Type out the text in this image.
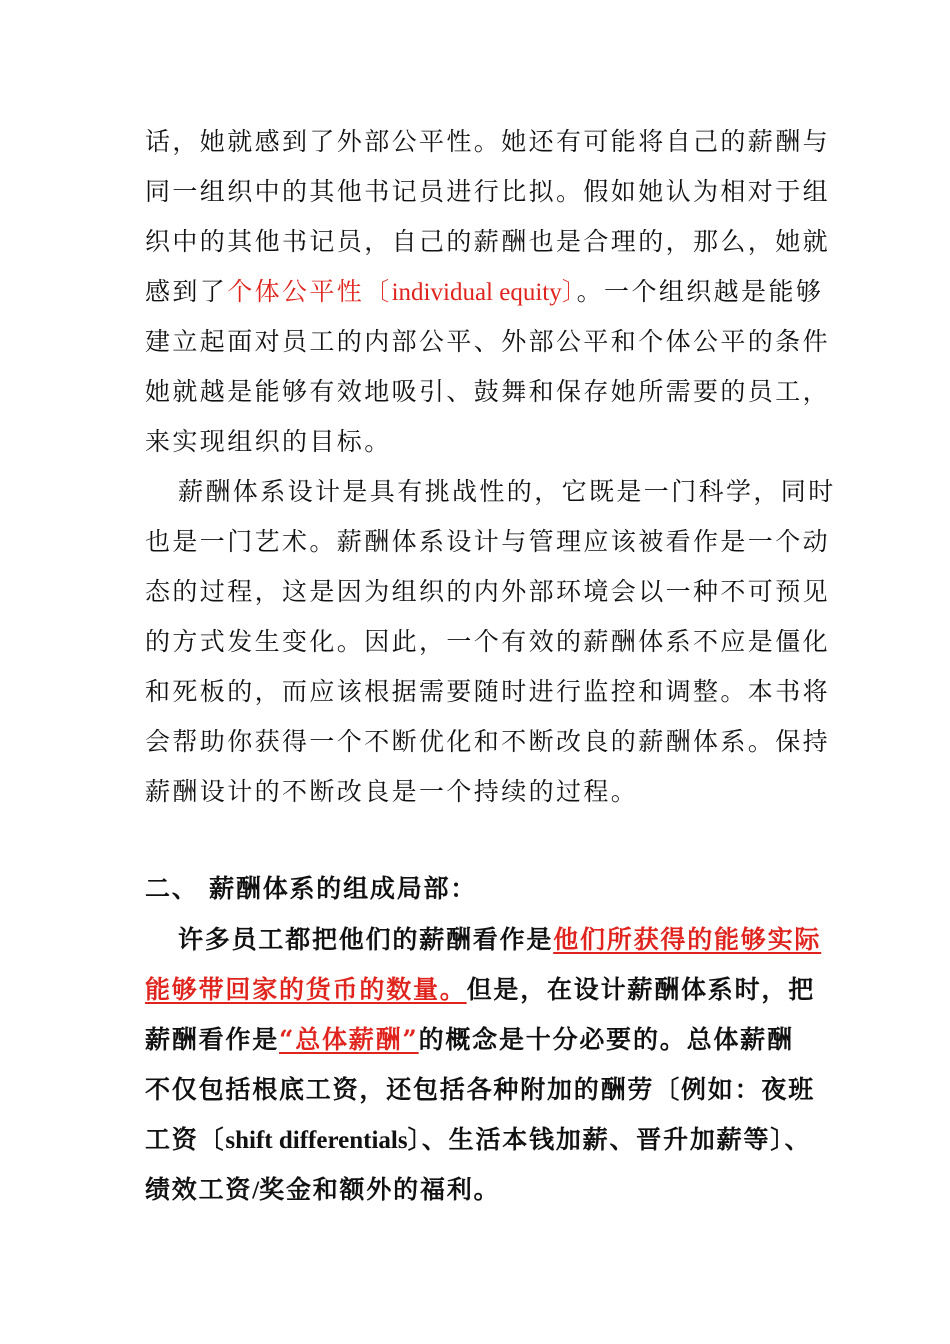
话，她就感到了外部公平性。她还有可能将自己的薪酬与
同一组织中的其他书记员进行比拟。假如她认为相对于组
织中的其他书记员，自己的薪酬也是合理的，那么，她就
感到了个体公平性〔individual equity〕。一个组织越是能够
建立起面对员工的内部公平、外部公平和个体公平的条件
她就越是能够有效地吸引、鼓舞和保存她所需要的员工，
来实现组织的目标。
薪酬体系设计是具有挑战性的，它既是一门科学，同时
也是一门艺术。薪酬体系设计与管理应该被看作是一个动
态的过程，这是因为组织的内外部环境会以一种不可预见
的方式发生变化。因此，一个有效的薪酬体系不应是僵化
和死板的，而应该根据需要随时进行监控和调整。本书将
会帮助你获得一个不断优化和不断改良的薪酬体系。保持
薪酬设计的不断改良是一个持续的过程。
二、 薪酬体系的组成局部：
许多员工都把他们的薪酬看作是他们所获得的能够实际
能够带回家的货币的数量。但是，在设计薪酬体系时，把
薪酬看作是“总体薪酬”的概念是十分必要的。总体薪酬
不仅包括根底工资，还包括各种附加的酬劳〔例如：夜班
工资〔shift differentials〕、生活本钱加薪、晋升加薪等〕、
绩效工资/奖金和额外的福利。
